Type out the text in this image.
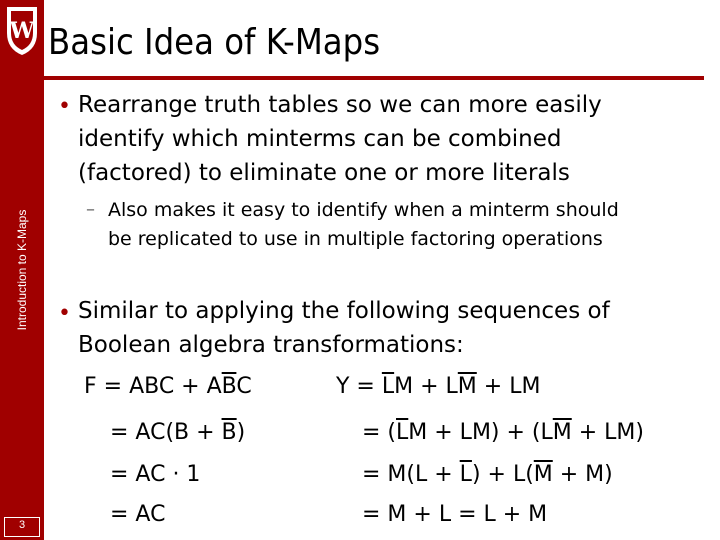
W
Introduction to K-Maps
3
Basic Idea of K-Maps
• Rearrange truth tables so we can more easily
identify which minterms can be combined
(factored) to eliminate one or more literals
– Also makes it easy to identify when a minterm should
be replicated to use in multiple factoring operations
• Similar to applying the following sequences of
Boolean algebra transformations:
F = ABC + $A\overline{B}C$
= $AC(B + \overline{B})$
= AC · 1
= AC
$Y = \overline{L}M + L\overline{M}$ + LM
= $(\overline{L}M + LM) + (L\overline{M} + LM)$
= $M(L + \overline{L}) + L(\overline{M} + M)$
= M + L = L + M
